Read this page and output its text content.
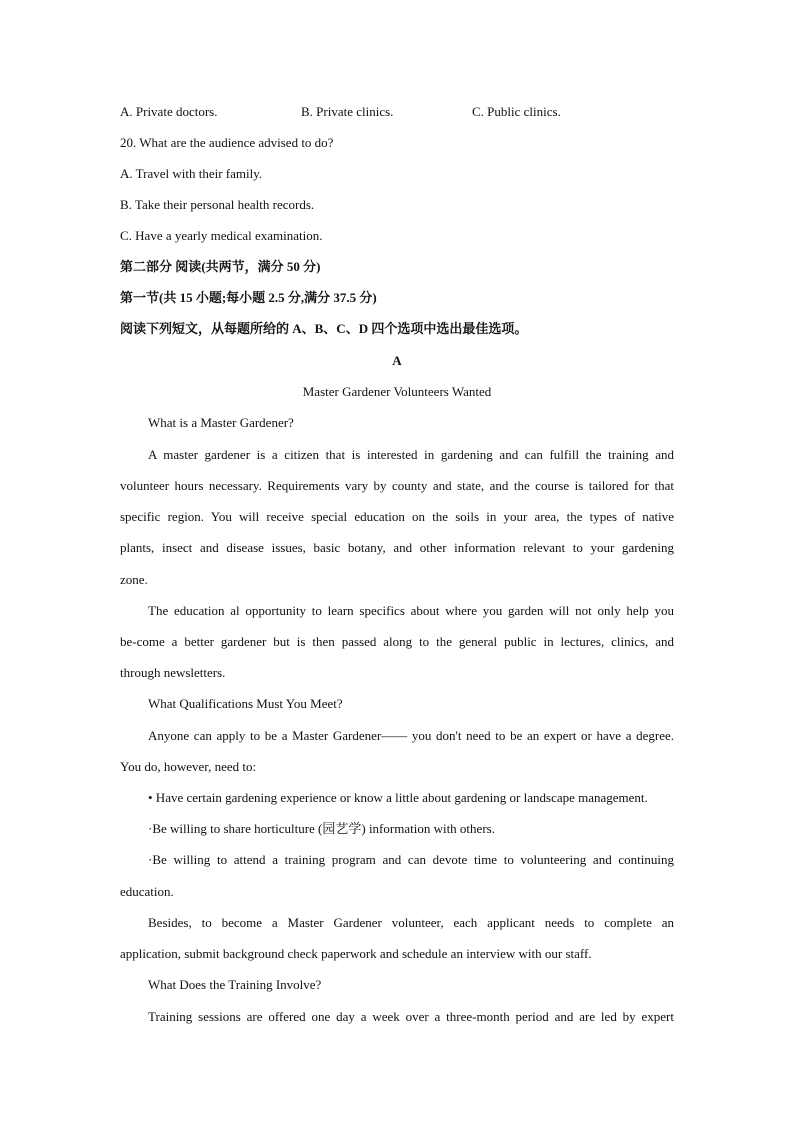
A. Private doctors.	B. Private clinics.	C. Public clinics.
20. What are the audience advised to do?
A. Travel with their family.
B. Take their personal health records.
C. Have a yearly medical examination.
第二部分 阅读(共两节，满分 50 分)
第一节(共 15 小题;每小题 2.5 分,满分 37.5 分)
阅读下列短文，从每题所给的 A、B、C、D 四个选项中选出最佳选项。
A
Master Gardener Volunteers Wanted
What is a Master Gardener?
A master gardener is a citizen that is interested in gardening and can fulfill the training and
volunteer hours necessary. Requirements vary by county and state, and the course is tailored for that
specific region. You will receive special education on the soils in your area, the types of native
plants, insect and disease issues, basic botany, and other information relevant to your gardening
zone.
The education al opportunity to learn specifics about where you garden will not only help you
be-come a better gardener but is then passed along to the general public in lectures, clinics, and
through newsletters.
What Qualifications Must You Meet?
Anyone can apply to be a Master Gardener—— you don't need to be an expert or have a degree.
You do, however, need to:
• Have certain gardening experience or know a little about gardening or landscape management.
·Be willing to share horticulture (园艺学) information with others.
·Be willing to attend a training program and can devote time to volunteering and continuing
education.
Besides, to become a Master Gardener volunteer, each applicant needs to complete an
application, submit background check paperwork and schedule an interview with our staff.
What Does the Training Involve?
Training sessions are offered one day a week over a three-month period and are led by expert
